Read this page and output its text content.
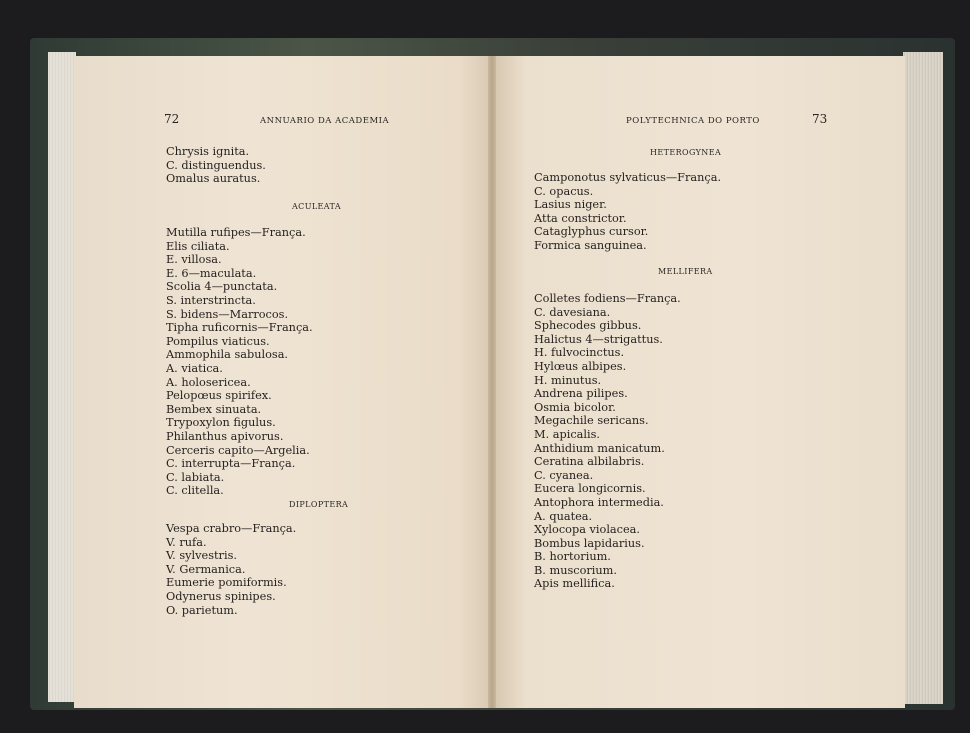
72	ANNUARIO DA ACADEMIA
Chrysis ignita.
C. distinguendus.
Omalus auratus.
ACULEATA
Mutilla rufipes—França.
Elis ciliata.
E. villosa.
E. 6—maculata.
Scolia 4—punctata.
S. interstrincta.
S. bidens—Marrocos.
Tipha ruficornis—França.
Pompilus viaticus.
Ammophila sabulosa.
A. viatica.
A. holosericea.
Pelopœus spirifex.
Bembex sinuata.
Trypoxylon figulus.
Philanthus apivorus.
Cerceris capito—Argelia.
C. interrupta—França.
C. labiata.
C. clitella.
DIPLOPTERA
Vespa crabro—França.
V. rufa.
V. sylvestris.
V. Germanica.
Eumerie pomiformis.
Odynerus spinipes.
O. parietum.
POLYTECHNICA DO PORTO	73
HETEROGYNEA
Camponotus sylvaticus—França.
C. opacus.
Lasius niger.
Atta constrictor.
Cataglyphus cursor.
Formica sanguinea.
MELLIFERA
Colletes fodiens—França.
C. davesiana.
Sphecodes gibbus.
Halictus 4—strigattus.
H. fulvocinctus.
Hylœus albipes.
H. minutus.
Andrena pilipes.
Osmia bicolor.
Megachile sericans.
M. apicalis.
Anthidium manicatum.
Ceratina albilabris.
C. cyanea.
Eucera longicornis.
Antophora intermedia.
A. quatea.
Xylocopa violacea.
Bombus lapidarius.
B. hortorium.
B. muscorium.
Apis mellifica.
